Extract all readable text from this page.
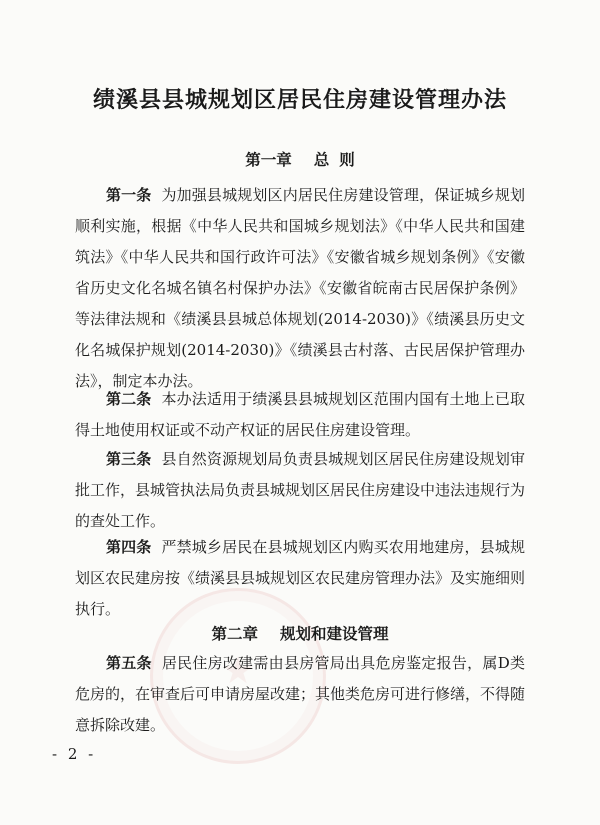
绩溪县县城规划区居民住房建设管理办法
第一章 总 则

第一条 为加强县城规划区内居民住房建设管理，保证城乡规划顺利实施，根据《中华人民共和国城乡规划法》《中华人民共和国建筑法》《中华人民共和国行政许可法》《安徽省城乡规划条例》《安徽省历史文化名城名镇名村保护办法》《安徽省皖南古民居保护条例》等法律法规和《绩溪县县城总体规划(2014-2030)》《绩溪县历史文化名城保护规划(2014-2030)》《绩溪县古村落、古民居保护管理办法》，制定本办法。

第二条 本办法适用于绩溪县县城规划区范围内国有土地上已取得土地使用权证或不动产权证的居民住房建设管理。

第三条 县自然资源规划局负责县城规划区居民住房建设规划审批工作，县城管执法局负责县城规划区居民住房建设中违法违规行为的查处工作。

第四条 严禁城乡居民在县城规划区内购买农用地建房，县城规划区农民建房按《绩溪县县城规划区农民建房管理办法》及实施细则执行。

第二章 规划和建设管理

第五条 居民住房改建需由县房管局出具危房鉴定报告，属D类危房的，在审查后可申请房屋改建；其他类危房可进行修缮，不得随意拆除改建。

- 2 -
